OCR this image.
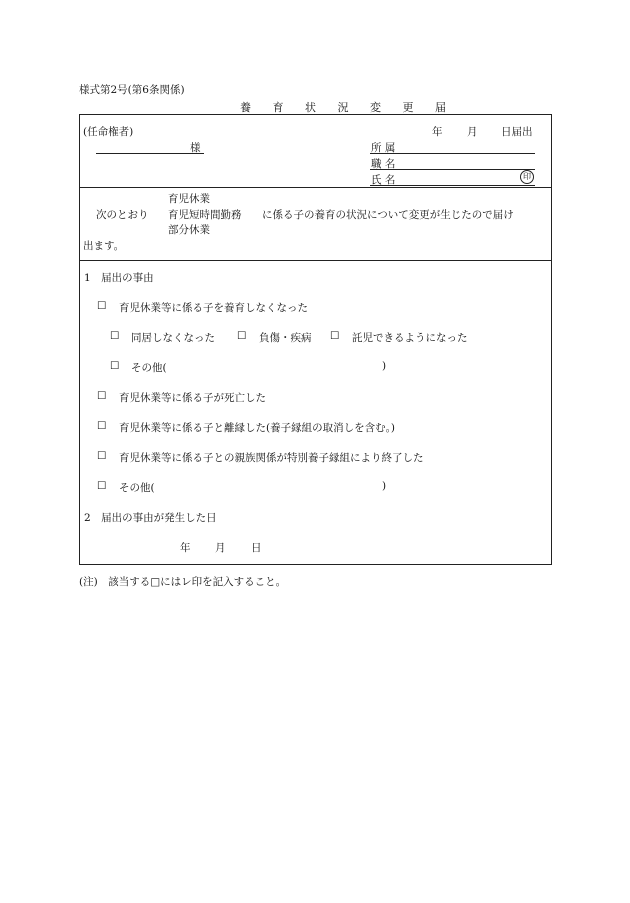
様式第2号(第6条関係)
養 育 状 況 変 更 届
(任命権者)
様
年 月 日届出
所 属
職 名
氏 名	印
次のとおり
育児休業
育児短時間勤務
部分休業
に係る子の養育の状況について変更が生じたので届け
出ます。
1　届出の事由
☐ 育児休業等に係る子を養育しなくなった
☐ 同居しなくなった ☐ 負傷・疾病 ☐ 託児できるようになった
☐ その他(	)
☐ 育児休業等に係る子が死亡した
☐ 育児休業等に係る子と離縁した(養子縁組の取消しを含む。)
☐ 育児休業等に係る子との親族関係が特別養子縁組により終了した
☐ その他(	)
2　届出の事由が発生した日
年 月 日
(注)　該当する□にはレ印を記入すること。
